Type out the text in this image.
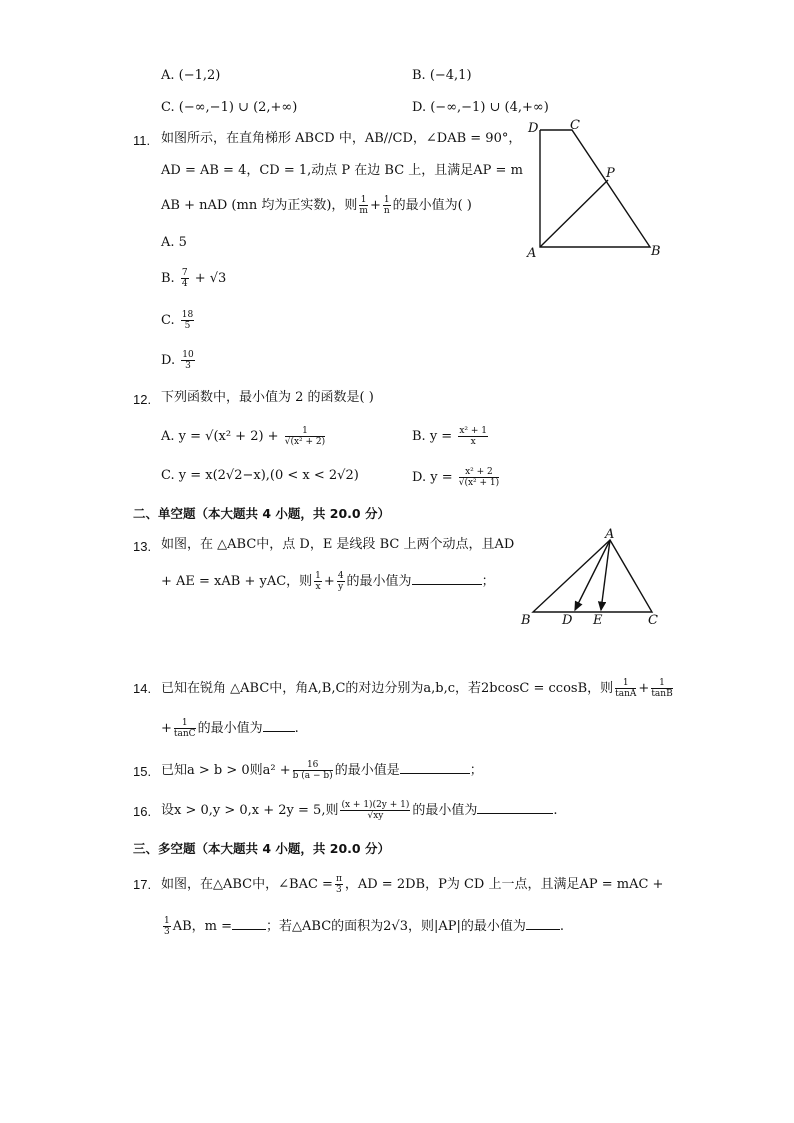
A. (−1,2)	B. (−4,1)
C. (−∞,−1) ∪ (2,+∞)	D. (−∞,−1) ∪ (4,+∞)
11. 如图所示，在直角梯形 ABCD 中，AB//CD，∠DAB = 90°，
AD = AB = 4，CD = 1,动点 P 在边 BC 上，且满足AP = m
AB + nAD (mn 均为正实数)，则 $\frac{1}{m} + \frac{1}{n}$ 的最小值为( )
A. 5
B. $\frac{7}{4} + √3$
C. $\frac{18}{5}$
D. $\frac{10}{3}$
D C
P
A	B
12. 下列函数中，最小值为 2 的函数是( )
A. $y = √(x^2 + 2) + \frac{1}{\text{√(x² + 2)}}$	B. $y = \frac{\text{x² + 1}}{x}$
C. y = x(2√2−x),(0 < x < 2√2)	D. $y = \frac{\text{x² + 2}}{\text{√(x² + 1)}}$
二、单空题（本大题共 4 小题，共 20.0 分）
13. 如图，在 △ABC中，点 D，E 是线段 BC 上两个动点，且AD
+ AE = xAB + yAC，则 $\frac{1}{x} + \frac{4}{y}$ 的最小值为	；
A
B D E	C
14. 已知在锐角 △ABC中，角A,B,C的对边分别为a,b,c，若2bcosC = ccosB，则 $\frac{1}{\tan A} + \frac{1}{\tan B}$
+ $\frac{1}{\tan C}$ 的最小值为 .
15. 已知a > b > 0则$a^2 + \frac{16}{b (a - b)}$ 的最小值是	；
16. 设x > 0,y > 0,x + 2y = 5,则 $\frac{(x + 1)(2y + 1)}{√xy}$ 的最小值为	.
三、多空题（本大题共 4 小题，共 20.0 分）
17. 如图，在△ABC中，∠BAC = $\frac{\pi}{3}$ ，AD = 2DB，P为 CD 上一点，且满足AP = mAC +
$\frac{1}{3}$ AB，m =	；若△ABC的面积为2√3，则|AP|的最小值为	.
